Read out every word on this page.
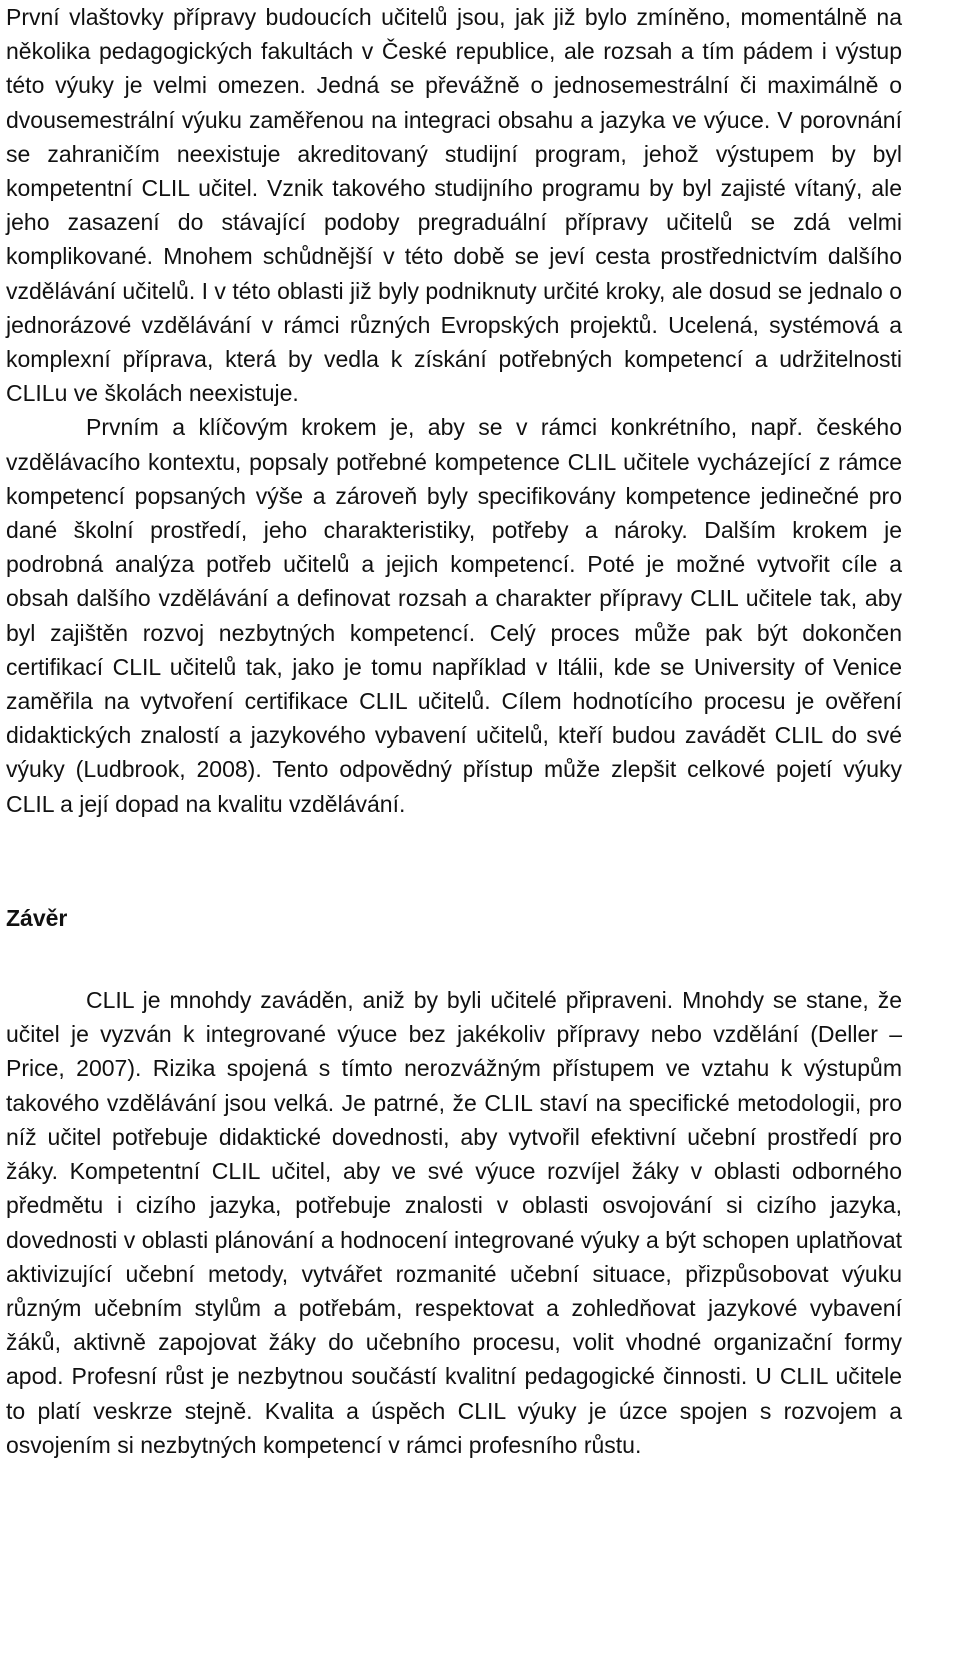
První vlaštovky přípravy budoucích učitelů jsou, jak již bylo zmíněno, momentálně na několika pedagogických fakultách v České republice, ale rozsah a tím pádem i výstup této výuky je velmi omezen. Jedná se převážně o jednosemestrální či maximálně o dvousemestrální výuku zaměřenou na integraci obsahu a jazyka ve výuce. V porovnání se zahraničím neexistuje akreditovaný studijní program, jehož výstupem by byl kompetentní CLIL učitel. Vznik takového studijního programu by byl zajisté vítaný, ale jeho zasazení do stávající podoby pregraduální přípravy učitelů se zdá velmi komplikované. Mnohem schůdnější v této době se jeví cesta prostřednictvím dalšího vzdělávání učitelů. I v této oblasti již byly podniknuty určité kroky, ale dosud se jednalo o jednorázové vzdělávání v rámci různých Evropských projektů. Ucelená, systémová a komplexní příprava, která by vedla k získání potřebných kompetencí a udržitelnosti CLILu ve školách neexistuje.

Prvním a klíčovým krokem je, aby se v rámci konkrétního, např. českého vzdělávacího kontextu, popsaly potřebné kompetence CLIL učitele vycházející z rámce kompetencí popsaných výše a zároveň byly specifikovány kompetence jedinečné pro dané školní prostředí, jeho charakteristiky, potřeby a nároky. Dalším krokem je podrobná analýza potřeb učitelů a jejich kompetencí. Poté je možné vytvořit cíle a obsah dalšího vzdělávání a definovat rozsah a charakter přípravy CLIL učitele tak, aby byl zajištěn rozvoj nezbytných kompetencí. Celý proces může pak být dokončen certifikací CLIL učitelů tak, jako je tomu například v Itálii, kde se University of Venice zaměřila na vytvoření certifikace CLIL učitelů. Cílem hodnotícího procesu je ověření didaktických znalostí a jazykového vybavení učitelů, kteří budou zavádět CLIL do své výuky (Ludbrook, 2008). Tento odpovědný přístup může zlepšit celkové pojetí výuky CLIL a její dopad na kvalitu vzdělávání.

Závěr

CLIL je mnohdy zaváděn, aniž by byli učitelé připraveni. Mnohdy se stane, že učitel je vyzván k integrované výuce bez jakékoliv přípravy nebo vzdělání (Deller – Price, 2007). Rizika spojená s tímto nerozvážným přístupem ve vztahu k výstupům takového vzdělávání jsou velká. Je patrné, že CLIL staví na specifické metodologii, pro níž učitel potřebuje didaktické dovednosti, aby vytvořil efektivní učební prostředí pro žáky. Kompetentní CLIL učitel, aby ve své výuce rozvíjel žáky v oblasti odborného předmětu i cizího jazyka, potřebuje znalosti v oblasti osvojování si cizího jazyka, dovednosti v oblasti plánování a hodnocení integrované výuky a být schopen uplatňovat aktivizující učební metody, vytvářet rozmanité učební situace, přizpůsobovat výuku různým učebním stylům a potřebám, respektovat a zohledňovat jazykové vybavení žáků, aktivně zapojovat žáky do učebního procesu, volit vhodné organizační formy apod. Profesní růst je nezbytnou součástí kvalitní pedagogické činnosti. U CLIL učitele to platí veskrze stejně. Kvalita a úspěch CLIL výuky je úzce spojen s rozvojem a osvojením si nezbytných kompetencí v rámci profesního růstu.
